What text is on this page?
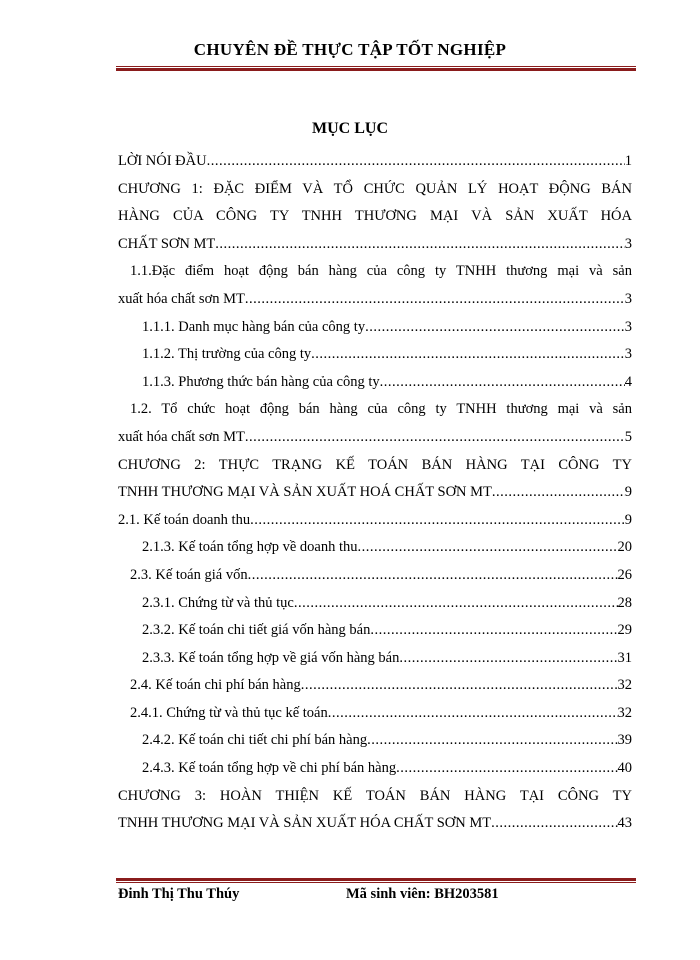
CHUYÊN ĐỀ THỰC TẬP TỐT NGHIỆP
MỤC LỤC
LỜI NÓI ĐẦU .....	1
CHƯƠNG 1: ĐẶC ĐIỂM VÀ TỔ CHỨC QUẢN LÝ HOẠT ĐỘNG BÁN
HÀNG CỦA CÔNG TY TNHH THƯƠNG MẠI VÀ SẢN XUẤT HÓA
CHẤT SƠN MT .....	3
1.1.Đặc điểm hoạt động bán hàng của công ty TNHH thương mại và sản
xuất hóa chất sơn MT .....	3
1.1.1. Danh mục hàng bán của công ty .....	3
1.1.2. Thị trường của công ty .....	3
1.1.3. Phương thức bán hàng của công ty .....	4
1.2. Tổ chức hoạt động bán hàng của công ty TNHH thương mại và sản
xuất hóa chất sơn MT .....	5
CHƯƠNG 2: THỰC TRẠNG KẾ TOÁN BÁN HÀNG TẠI CÔNG TY
TNHH THƯƠNG MẠI VÀ SẢN XUẤT HOÁ CHẤT SƠN MT .....	9
2.1. Kế toán doanh thu .....	9
2.1.3. Kế toán tổng hợp về doanh thu .....	20
2.3. Kế toán giá vốn .....	26
2.3.1. Chứng từ và thủ tục .....	28
2.3.2. Kế toán chi tiết giá vốn hàng bán .....	29
2.3.3. Kế toán tổng hợp về giá vốn hàng bán .....	31
2.4. Kế toán chi phí bán hàng .....	32
2.4.1. Chứng từ và thủ tục kế toán .....	32
2.4.2. Kế toán chi tiết chi phí bán hàng .....	39
2.4.3. Kế toán tổng hợp về chi phí bán hàng .....	40
CHƯƠNG 3: HOÀN THIỆN KẾ TOÁN BÁN HÀNG TẠI CÔNG TY
TNHH THƯƠNG MẠI VÀ SẢN XUẤT HÓA CHẤT SƠN MT .....	43
Đinh Thị Thu Thúy	Mã sinh viên: BH203581
